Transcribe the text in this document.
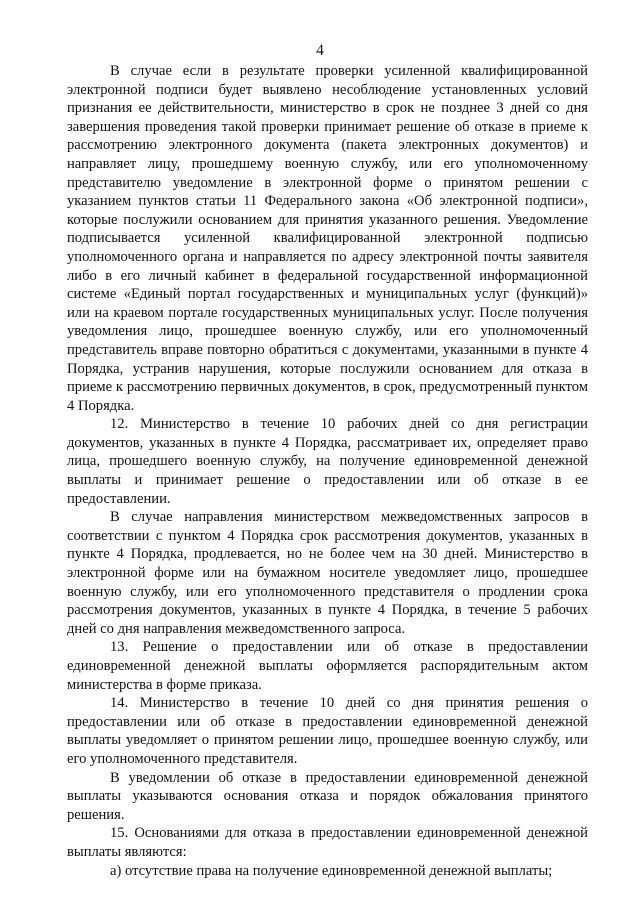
4

В случае если в результате проверки усиленной квалифицированной электронной подписи будет выявлено несоблюдение установленных условий признания ее действительности, министерство в срок не позднее 3 дней со дня завершения проведения такой проверки принимает решение об отказе в приеме к рассмотрению электронного документа (пакета электронных документов) и направляет лицу, прошедшему военную службу, или его уполномоченному представителю уведомление в электронной форме о принятом решении с указанием пунктов статьи 11 Федерального закона «Об электронной подписи», которые послужили основанием для принятия указанного решения. Уведомление подписывается усиленной квалифицированной электронной подписью уполномоченного органа и направляется по адресу электронной почты заявителя либо в его личный кабинет в федеральной государственной информационной системе «Единый портал государственных и муниципальных услуг (функций)» или на краевом портале государственных муниципальных услуг. После получения уведомления лицо, прошедшее военную службу, или его уполномоченный представитель вправе повторно обратиться с документами, указанными в пункте 4 Порядка, устранив нарушения, которые послужили основанием для отказа в приеме к рассмотрению первичных документов, в срок, предусмотренный пунктом 4 Порядка.

12. Министерство в течение 10 рабочих дней со дня регистрации документов, указанных в пункте 4 Порядка, рассматривает их, определяет право лица, прошедшего военную службу, на получение единовременной денежной выплаты и принимает решение о предоставлении или об отказе в ее предоставлении.

В случае направления министерством межведомственных запросов в соответствии с пунктом 4 Порядка срок рассмотрения документов, указанных в пункте 4 Порядка, продлевается, но не более чем на 30 дней. Министерство в электронной форме или на бумажном носителе уведомляет лицо, прошедшее военную службу, или его уполномоченного представителя о продлении срока рассмотрения документов, указанных в пункте 4 Порядка, в течение 5 рабочих дней со дня направления межведомственного запроса.

13. Решение о предоставлении или об отказе в предоставлении единовременной денежной выплаты оформляется распорядительным актом министерства в форме приказа.

14. Министерство в течение 10 дней со дня принятия решения о предоставлении или об отказе в предоставлении единовременной денежной выплаты уведомляет о принятом решении лицо, прошедшее военную службу, или его уполномоченного представителя.

В уведомлении об отказе в предоставлении единовременной денежной выплаты указываются основания отказа и порядок обжалования принятого решения.

15. Основаниями для отказа в предоставлении единовременной денежной выплаты являются:

а) отсутствие права на получение единовременной денежной выплаты;
